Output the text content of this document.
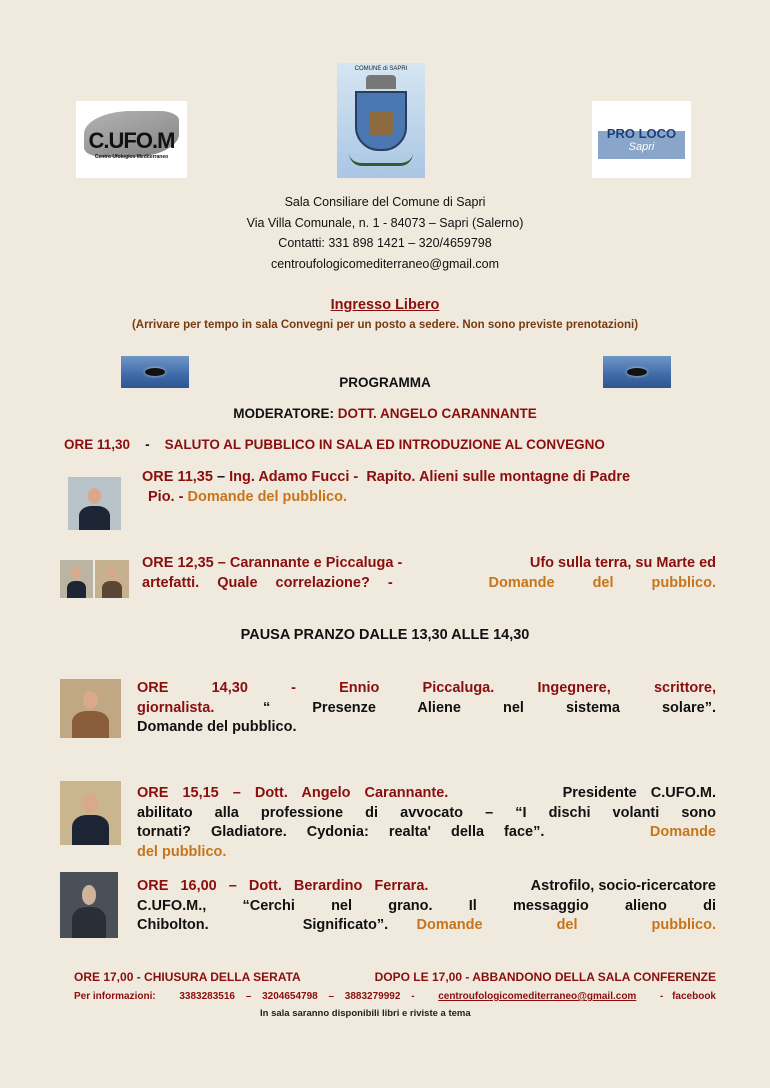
C.UFO.M
Centro Ufologico Mediterraneo
COMUNE di SAPRI
PRO LOCO
Sapri
Sala Consiliare del Comune di Sapri
Via Villa Comunale, n. 1 - 84073 – Sapri (Salerno)
Contatti: 331 898 1421 – 320/4659798
centroufologicomediterraneo@gmail.com
Ingresso Libero
(Arrivare per tempo in sala Convegni per un posto a sedere. Non sono previste prenotazioni)
PROGRAMMA
MODERATORE: DOTT. ANGELO CARANNANTE
ORE 11,30 - SALUTO AL PUBBLICO IN SALA ED INTRODUZIONE AL CONVEGNO
ORE 11,35 – Ing. Adamo Fucci - Rapito. Alieni sulle montagne di Padre
Pio. - Domande del pubblico.
ORE 12,35 – Carannante e Piccaluga -	Ufo sulla terra, su Marte ed
artefatti. Quale correlazione? -	Domande del pubblico.
PAUSA PRANZO DALLE 13,30 ALLE 14,30
ORE 14,30 - Ennio Piccaluga. Ingegnere, scrittore,
giornalista.	“ Presenze Aliene nel sistema solare”.
Domande del pubblico.
ORE 15,15 – Dott. Angelo Carannante.	Presidente C.UFO.M.
abilitato alla professione di avvocato – “I dischi volanti sono
tornati? Gladiatore. Cydonia: realta' della face”.	Domande
del pubblico.
ORE 16,00 – Dott. Berardino Ferrara.	Astrofilo, socio-ricercatore
C.UFO.M., “Cerchi nel grano. Il messaggio alieno di
Chibolton. Significato”. Domande del pubblico.
ORE 17,00 - CHIUSURA DELLA SERATA	DOPO LE 17,00 - ABBANDONO DELLA SALA CONFERENZE
Per informazioni: 3383283516 – 3204654798 – 3883279992 - centroufologicomediterraneo@gmail.com - facebook
In sala saranno disponibili libri e riviste a tema
